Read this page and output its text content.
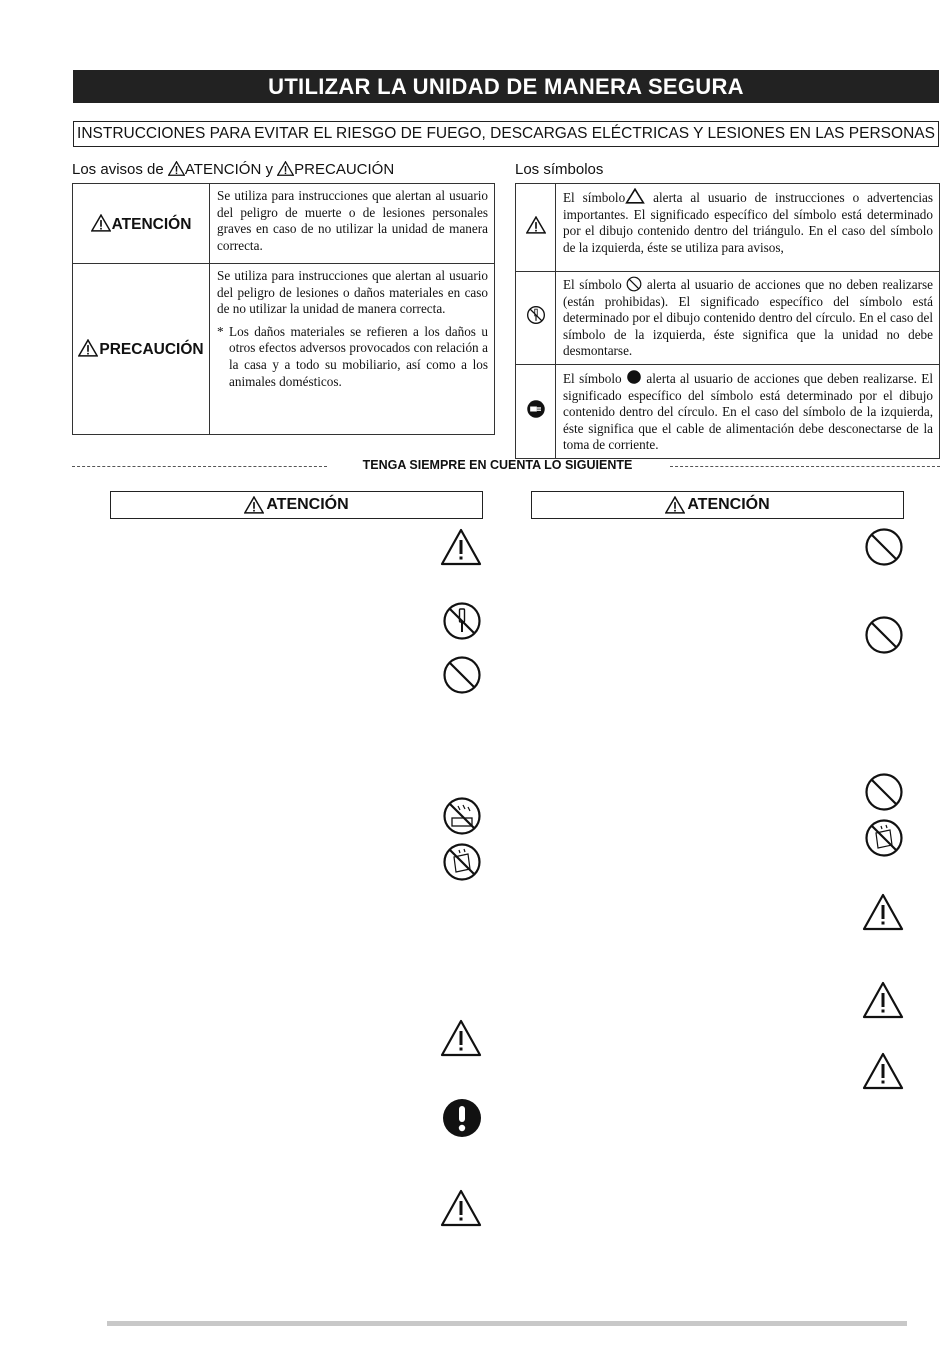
UTILIZAR LA UNIDAD DE MANERA SEGURA
INSTRUCCIONES PARA EVITAR EL RIESGO DE FUEGO, DESCARGAS ELÉCTRICAS Y LESIONES EN LAS PERSONAS
Los avisos de ATENCIÓN y PRECAUCIÓN	Los símbolos
ATENCIÓN	Se utiliza para instrucciones que alertan al usuario del peligro de muerte o de lesiones personales graves en caso de no utilizar la unidad de manera correcta.

PRECAUCIÓN	Se utiliza para instrucciones que alertan al usuario del peligro de lesiones o daños materiales en caso de no utilizar la unidad de manera correcta.

* Los daños materiales se refieren a los daños u otros efectos adversos provocados con relación a la casa y a todo su mobiliario, así como a los animales domésticos.

El símbolo alerta al usuario de instrucciones o advertencias importantes. El significado específico del símbolo está determinado por el dibujo contenido dentro del triángulo. En el caso del símbolo de la izquierda, éste se utiliza para avisos,

El símbolo  alerta al usuario de acciones que no deben realizarse (están prohibidas). El significado específico del símbolo está determinado por el dibujo contenido dentro del círculo. En el caso del símbolo de la izquierda, éste significa que la unidad no debe desmontarse.

El símbolo  alerta al usuario de acciones que deben realizarse. El significado específico del símbolo está determinado por el dibujo contenido dentro del círculo. En el caso del símbolo de la izquierda, éste significa que el cable de alimentación debe desconectarse de la toma de corriente.

TENGA SIEMPRE EN CUENTA LO SIGUIENTE
ATENCIÓN	ATENCIÓN
